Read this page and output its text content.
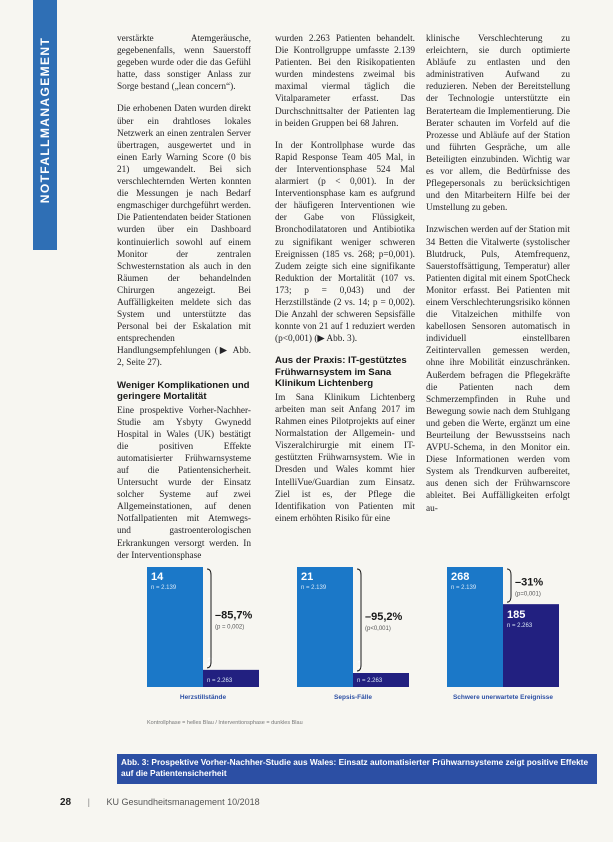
NOTFALLMANAGEMENT	verstärkte Atemgeräusche, gegebenenfalls, wenn Sauerstoff gegeben wurde oder die das Gefühl hatte, dass sonstiger Anlass zur Sorge bestand („lean concern“).

Die erhobenen Daten wurden direkt über ein drahtloses lokales Netzwerk an einen zentralen Server übertragen, ausgewertet und in einen Early Warning Score (0 bis 21) umgewandelt. Bei sich verschlechternden Werten konnten die Messungen je nach Bedarf engmaschiger durchgeführt werden. Die Patientendaten beider Stationen wurden über ein Dashboard kontinuierlich sowohl auf einem Monitor der zentralen Schwesternstation als auch in den Räumen der behandelnden Chirurgen angezeigt. Bei Auffälligkeiten meldete sich das System und unterstützte das Personal bei der Eskalation mit entsprechenden Handlungsempfehlungen (▶ Abb. 2, Seite 27).

Weniger Komplikationen und geringere Mortalität

Eine prospektive Vorher-Nachher-Studie am Ysbyty Gwynedd Hospital in Wales (UK) bestätigt die positiven Effekte automatisierter Frühwarnsysteme auf die Patientensicherheit. Untersucht wurde der Einsatz solcher Systeme auf zwei Allgemeinstationen, auf denen Notfallpatienten mit Atemwegs- und gastroenterologischen Erkrankungen versorgt werden. In der Interventionsphase

wurden 2.263 Patienten behandelt. Die Kontrollgruppe umfasste 2.139 Patienten. Bei den Risikopatienten wurden mindestens zweimal bis maximal viermal täglich die Vitalparameter erfasst. Das Durchschnittsalter der Patienten lag in beiden Gruppen bei 68 Jahren.

In der Kontrollphase wurde das Rapid Response Team 405 Mal, in der Interventionsphase 524 Mal alarmiert (p < 0,001). In der Interventionsphase kam es aufgrund der häufigeren Interventionen wie der Gabe von Flüssigkeit, Bronchodilatatoren und Antibiotika zu signifikant weniger schweren Ereignissen (185 vs. 268; p=0,001). Zudem zeigte sich eine signifikante Reduktion der Mortalität (107 vs. 173; p = 0,043) und der Herzstillstände (2 vs. 14; p = 0,002). Die Anzahl der schweren Sepsisfälle konnte von 21 auf 1 reduziert werden (p<0,001) (▶ Abb. 3).

Aus der Praxis: IT-gestütztes Frühwarnsystem im Sana Klinikum Lichtenberg

Im Sana Klinikum Lichtenberg arbeiten man seit Anfang 2017 im Rahmen eines Pilotprojekts auf einer Normalstation der Allgemein- und Viszeralchirurgie mit einem IT-gestützten Frühwarnsystem. Wie in Dresden und Wales kommt hier IntelliVue/Guardian zum Einsatz. Ziel ist es, der Pflege die Identifikation von Patienten mit einem erhöhten Risiko für eine

klinische Verschlechterung zu erleichtern, sie durch optimierte Abläufe zu entlasten und den administrativen Aufwand zu reduzieren. Neben der Bereitstellung der Technologie unterstützte ein Beraterteam die Implementierung. Die Berater schauten im Vorfeld auf die Prozesse und Abläufe auf der Station und führten Gespräche, um alle Beteiligten einzubinden. Wichtig war es vor allem, die Bedürfnisse des Pflegepersonals zu berücksichtigen und den Mitarbeitern Hilfe bei der Umstellung zu geben.

Inzwischen werden auf der Station mit 34 Betten die Vitalwerte (systolischer Blutdruck, Puls, Atemfrequenz, Sauerstoffsättigung, Temperatur) aller Patienten digital mit einem SpotCheck Monitor erfasst. Bei Patienten mit einem Verschlechterungsrisiko können die Vitalzeichen mithilfe von kabellosen Sensoren automatisch in individuell einstellbaren Zeitintervallen gemessen werden, ohne ihre Mobilität einzuschränken. Außerdem befragen die Pflegekräfte die Patienten nach dem Schmerzempfinden in Ruhe und Bewegung sowie nach dem Stuhlgang und geben die Werte, ergänzt um eine Beurteilung der Bewusstseins nach AVPU-Schema, in den Monitor ein. Diese Informationen werden vom System als Trendkurven aufbereitet, aus denen sich der Frühwarnscore ableitet. Bei Auffälligkeiten erfolgt au-

14
n = 2.139
2
n = 2.263
–85,7%
(p = 0,002)
Herzstillstände
21
n = 2.139
1
n = 2.263
–95,2%
(p<0,001)
Sepsis-Fälle
268
n = 2.139
185
n = 2.263
–31%
(p=0,001)
Schwere unerwartete Ereignisse
Kontrollphase = helles Blau / Interventionsphase = dunkles Blau
Abb. 3: Prospektive Vorher-Nachher-Studie aus Wales: Einsatz automatisierter Frühwarnsysteme zeigt positive Effekte auf die Patientensicherheit
28 | KU Gesundheitsmanagement 10/2018
